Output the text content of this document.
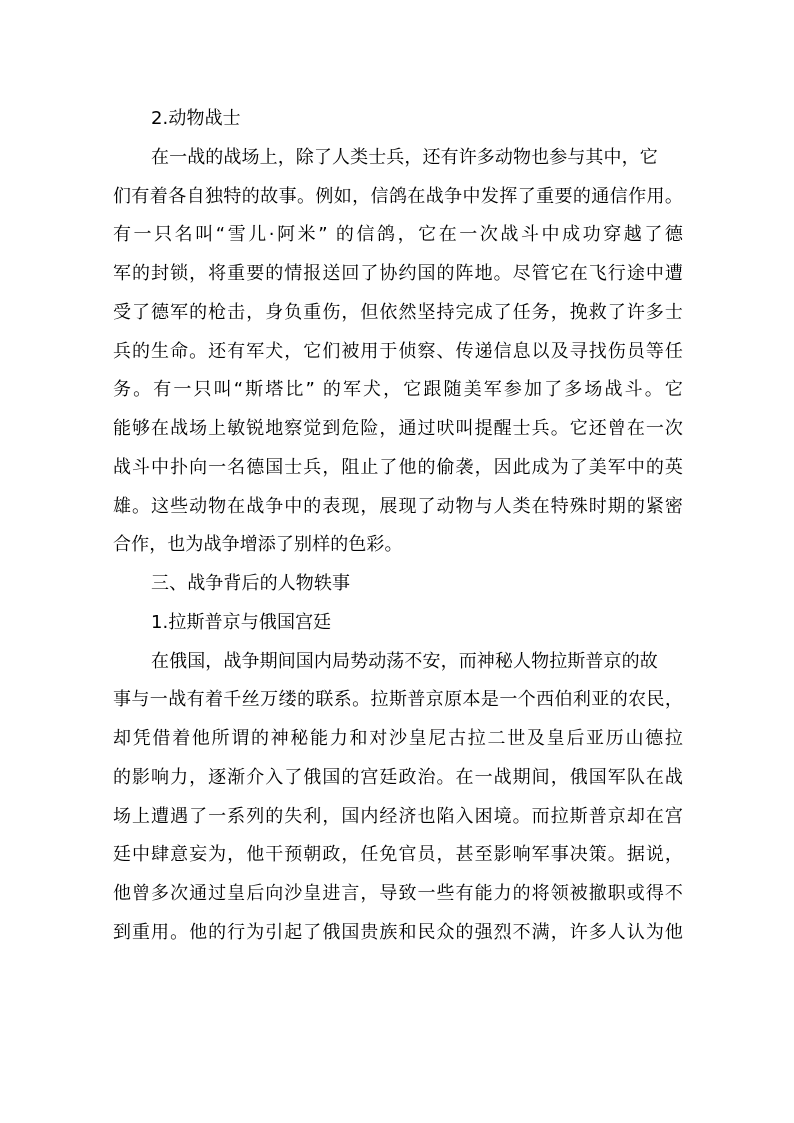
2.动物战士
在一战的战场上，除了人类士兵，还有许多动物也参与其中，它
们有着各自独特的故事。例如，信鸽在战争中发挥了重要的通信作用。
有一只名叫“雪儿·阿米” 的信鸽，它在一次战斗中成功穿越了德
军的封锁，将重要的情报送回了协约国的阵地。尽管它在飞行途中遭
受了德军的枪击，身负重伤，但依然坚持完成了任务，挽救了许多士
兵的生命。还有军犬，它们被用于侦察、传递信息以及寻找伤员等任
务。有一只叫“斯塔比” 的军犬，它跟随美军参加了多场战斗。它
能够在战场上敏锐地察觉到危险，通过吠叫提醒士兵。它还曾在一次
战斗中扑向一名德国士兵，阻止了他的偷袭，因此成为了美军中的英
雄。这些动物在战争中的表现，展现了动物与人类在特殊时期的紧密
合作，也为战争增添了别样的色彩。
三、战争背后的人物轶事
1.拉斯普京与俄国宫廷
在俄国，战争期间国内局势动荡不安，而神秘人物拉斯普京的故
事与一战有着千丝万缕的联系。拉斯普京原本是一个西伯利亚的农民，
却凭借着他所谓的神秘能力和对沙皇尼古拉二世及皇后亚历山德拉
的影响力，逐渐介入了俄国的宫廷政治。在一战期间，俄国军队在战
场上遭遇了一系列的失利，国内经济也陷入困境。而拉斯普京却在宫
廷中肆意妄为，他干预朝政，任免官员，甚至影响军事决策。据说，
他曾多次通过皇后向沙皇进言，导致一些有能力的将领被撤职或得不
到重用。他的行为引起了俄国贵族和民众的强烈不满，许多人认为他
